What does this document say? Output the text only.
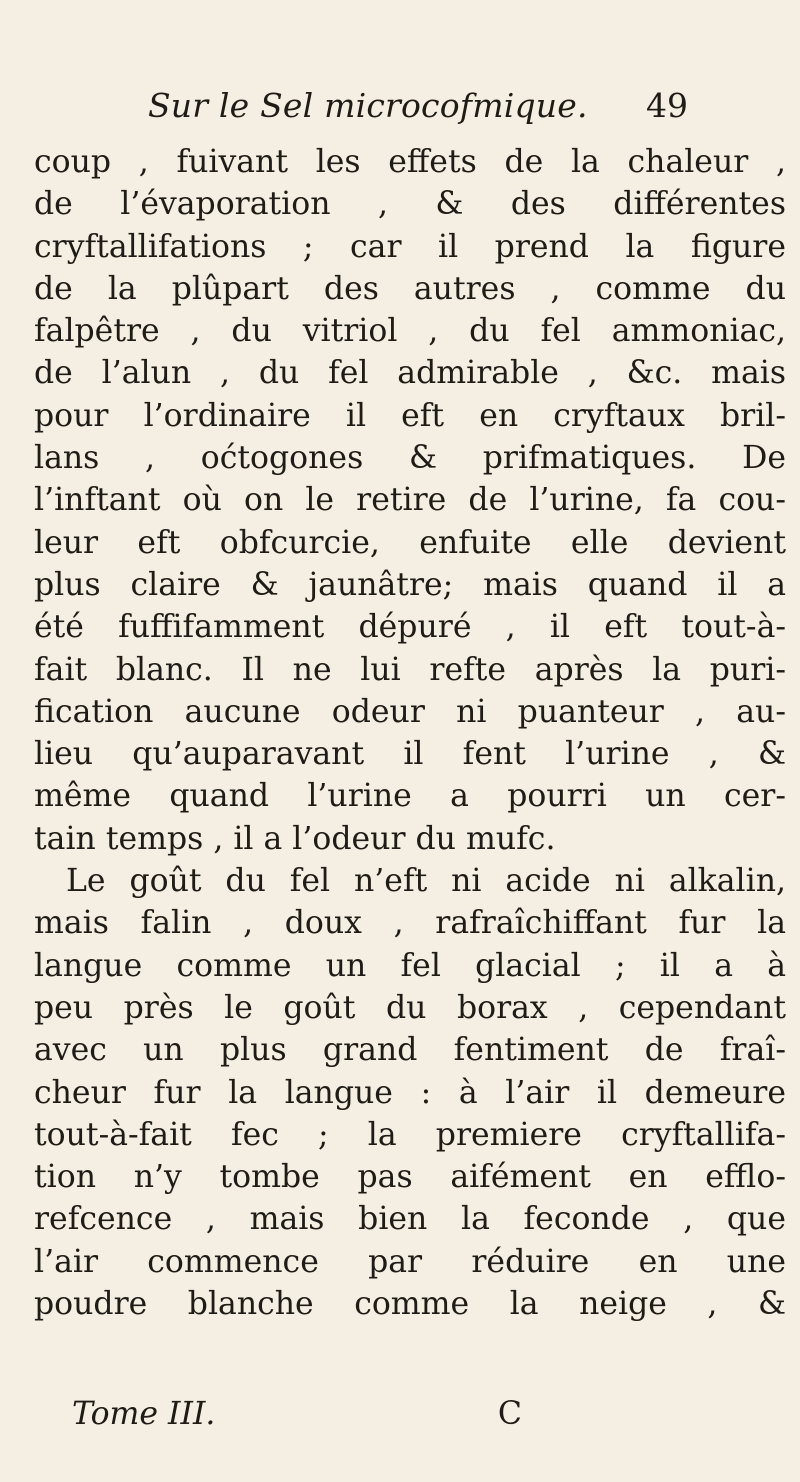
Sur le Sel microcofmique. 49
coup , fuivant les effets de la chaleur ,
de l’évaporation , & des différentes
cryftallifations ; car il prend la figure
de la plûpart des autres , comme du
falpêtre , du vitriol , du fel ammoniac,
de l’alun , du fel admirable , &c. mais
pour l’ordinaire il eft en cryftaux bril-
lans , oćtogones & prifmatiques. De
l’inftant où on le retire de l’urine, fa cou-
leur eft obfcurcie, enfuite elle devient
plus claire & jaunâtre; mais quand il a
été fuffifamment dépuré , il eft tout-à-
fait blanc. Il ne lui refte après la puri-
fication aucune odeur ni puanteur , au-
lieu qu’auparavant il fent l’urine , &
même quand l’urine a pourri un cer-
tain temps , il a l’odeur du mufc.
Le goût du fel n’eft ni acide ni alkalin,
mais falin , doux , rafraîchiffant fur la
langue comme un fel glacial ; il a à
peu près le goût du borax , cependant
avec un plus grand fentiment de fraî-
cheur fur la langue : à l’air il demeure
tout-à-fait fec ; la premiere cryftallifa-
tion n’y tombe pas aifément en efflo-
refcence , mais bien la feconde , que
l’air commence par réduire en une
poudre blanche comme la neige , &
Tome III.	C
